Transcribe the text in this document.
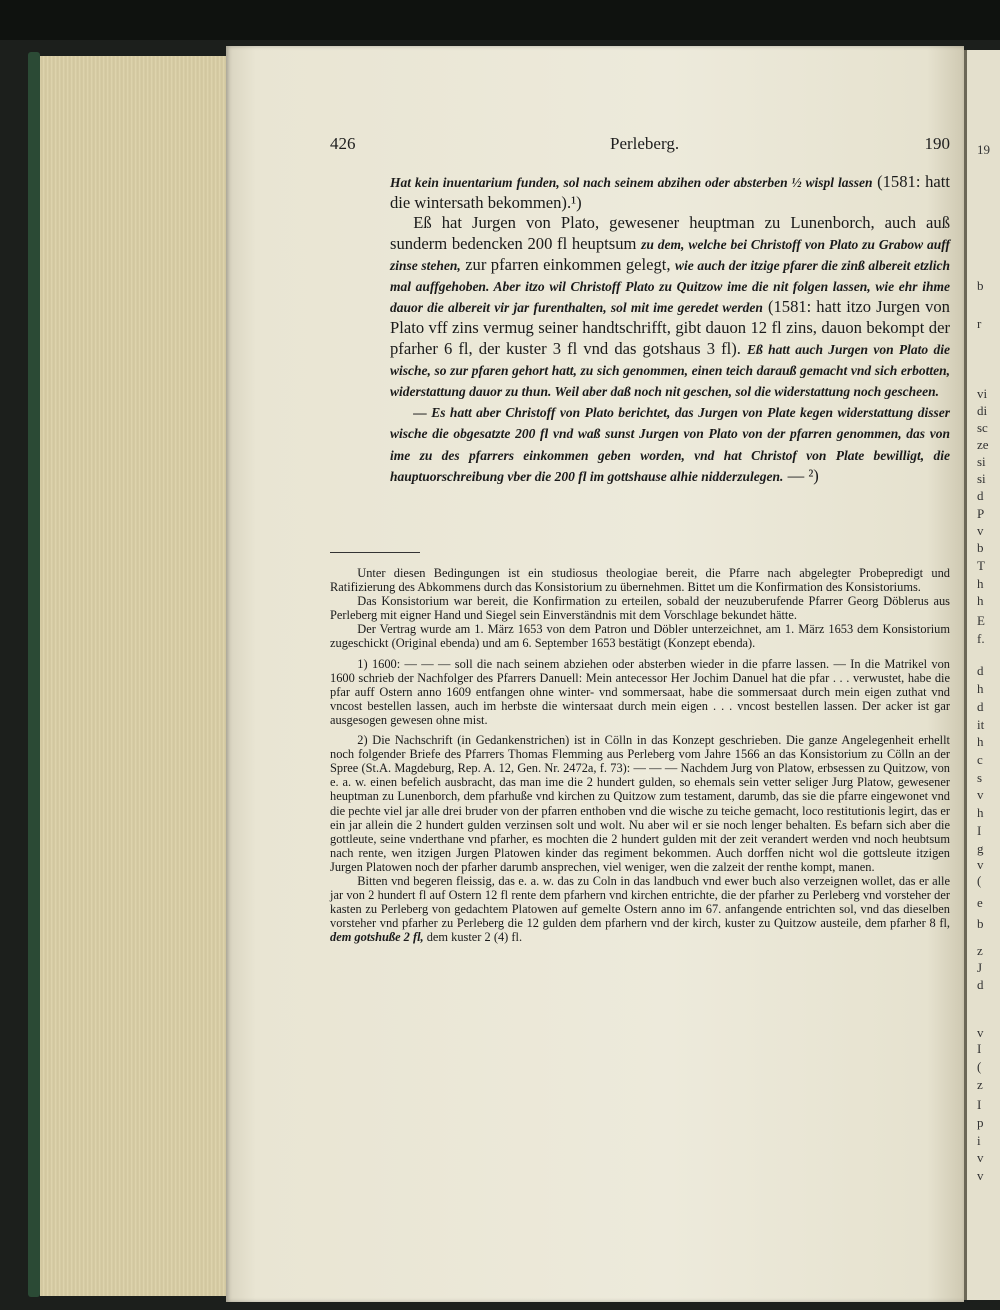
19
b
r
vi
di
sc
ze
si
si
d
P
v
b
T
h
h
E
f.
d
h
d
it
h
c
s
v
h
I
g
v
(
e
b
z
J
d
v
I
(
z
I
p
i
v
v
426	Perleberg.	190

Hat kein inuentarium funden, sol nach seinem abzihen oder absterben ½ wispl lassen (1581: hatt die wintersath bekommen).¹)

Eß hat Jurgen von Plato, gewesener heuptman zu Lunenborch, auch auß sunderm bedencken 200 fl heuptsum zu dem, welche bei Christoff von Plato zu Grabow auff zinse stehen, zur pfarren einkommen gelegt, wie auch der itzige pfarer die zinß albereit etzlich mal auffgehoben. Aber itzo wil Christoff Plato zu Quitzow ime die nit folgen lassen, wie ehr ihme dauor die albereit vir jar furenthalten, sol mit ime geredet werden (1581: hatt itzo Jurgen von Plato vff zins vermug seiner handtschrifft, gibt dauon 12 fl zins, dauon bekompt der pfarher 6 fl, der kuster 3 fl vnd das gotshaus 3 fl). Eß hatt auch Jurgen von Plato die wische, so zur pfaren gehort hatt, zu sich genommen, einen teich darauß gemacht vnd sich erbotten, widerstattung dauor zu thun. Weil aber daß noch nit geschen, sol die widerstattung noch gescheen.

— Es hatt aber Christoff von Plato berichtet, das Jurgen von Plate kegen widerstattung disser wische die obgesatzte 200 fl vnd waß sunst Jurgen von Plato von der pfarren genommen, das von ime zu des pfarrers einkommen geben worden, vnd hat Christof von Plate bewilligt, die hauptuorschreibung vber die 200 fl im gottshause alhie nidderzulegen. — ²)

Unter diesen Bedingungen ist ein studiosus theologiae bereit, die Pfarre nach abgelegter Probepredigt und Ratifizierung des Abkommens durch das Konsistorium zu übernehmen. Bittet um die Konfirmation des Konsistoriums.

Das Konsistorium war bereit, die Konfirmation zu erteilen, sobald der neuzuberufende Pfarrer Georg Döblerus aus Perleberg mit eigner Hand und Siegel sein Einverständnis mit dem Vorschlage bekundet hätte.

Der Vertrag wurde am 1. März 1653 von dem Patron und Döbler unterzeichnet, am 1. März 1653 dem Konsistorium zugeschickt (Original ebenda) und am 6. September 1653 bestätigt (Konzept ebenda).

1) 1600: — — — soll die nach seinem abziehen oder absterben wieder in die pfarre lassen. — In die Matrikel von 1600 schrieb der Nachfolger des Pfarrers Danuell: Mein antecessor Her Jochim Danuel hat die pfar . . . verwustet, habe die pfar auff Ostern anno 1609 entfangen ohne winter- vnd sommersaat, habe die sommersaat durch mein eigen zuthat vnd vncost bestellen lassen, auch im herbste die wintersaat durch mein eigen . . . vncost bestellen lassen. Der acker ist gar ausgesogen gewesen ohne mist.

2) Die Nachschrift (in Gedankenstrichen) ist in Cölln in das Konzept geschrieben. Die ganze Angelegenheit erhellt noch folgender Briefe des Pfarrers Thomas Flemming aus Perleberg vom Jahre 1566 an das Konsistorium zu Cölln an der Spree (St.A. Magdeburg, Rep. A. 12, Gen. Nr. 2472a, f. 73): — — — Nachdem Jurg von Platow, erbsessen zu Quitzow, von e. a. w. einen befelich ausbracht, das man ime die 2 hundert gulden, so ehemals sein vetter seliger Jurg Platow, gewesener heuptman zu Lunenborch, dem pfarhuße vnd kirchen zu Quitzow zum testament, darumb, das sie die pfarre eingewonet vnd die pechte viel jar alle drei bruder von der pfarren enthoben vnd die wische zu teiche gemacht, loco restitutionis legirt, das er ein jar allein die 2 hundert gulden verzinsen solt und wolt. Nu aber wil er sie noch lenger behalten. Es befarn sich aber die gottleute, seine vnderthane vnd pfarher, es mochten die 2 hundert gulden mit der zeit verandert werden vnd noch heubtsum nach rente, wen itzigen Jurgen Platowen kinder das regiment bekommen. Auch dorffen nicht wol die gottsleute itzigen Jurgen Platowen noch der pfarher darumb ansprechen, viel weniger, wen die zalzeit der renthe kompt, manen.

Bitten vnd begeren fleissig, das e. a. w. das zu Coln in das landbuch vnd ewer buch also verzeignen wollet, das er alle jar von 2 hundert fl auf Ostern 12 fl rente dem pfarhern vnd kirchen entrichte, die der pfarher zu Perleberg vnd vorsteher der kasten zu Perleberg von gedachtem Platowen auf gemelte Ostern anno im 67. anfangende entrichten sol, vnd das dieselben vorsteher vnd pfarher zu Perleberg die 12 gulden dem pfarhern vnd der kirch, kuster zu Quitzow austeile, dem pfarher 8 fl, dem gotshuße 2 fl, dem kuster 2 (4) fl.
